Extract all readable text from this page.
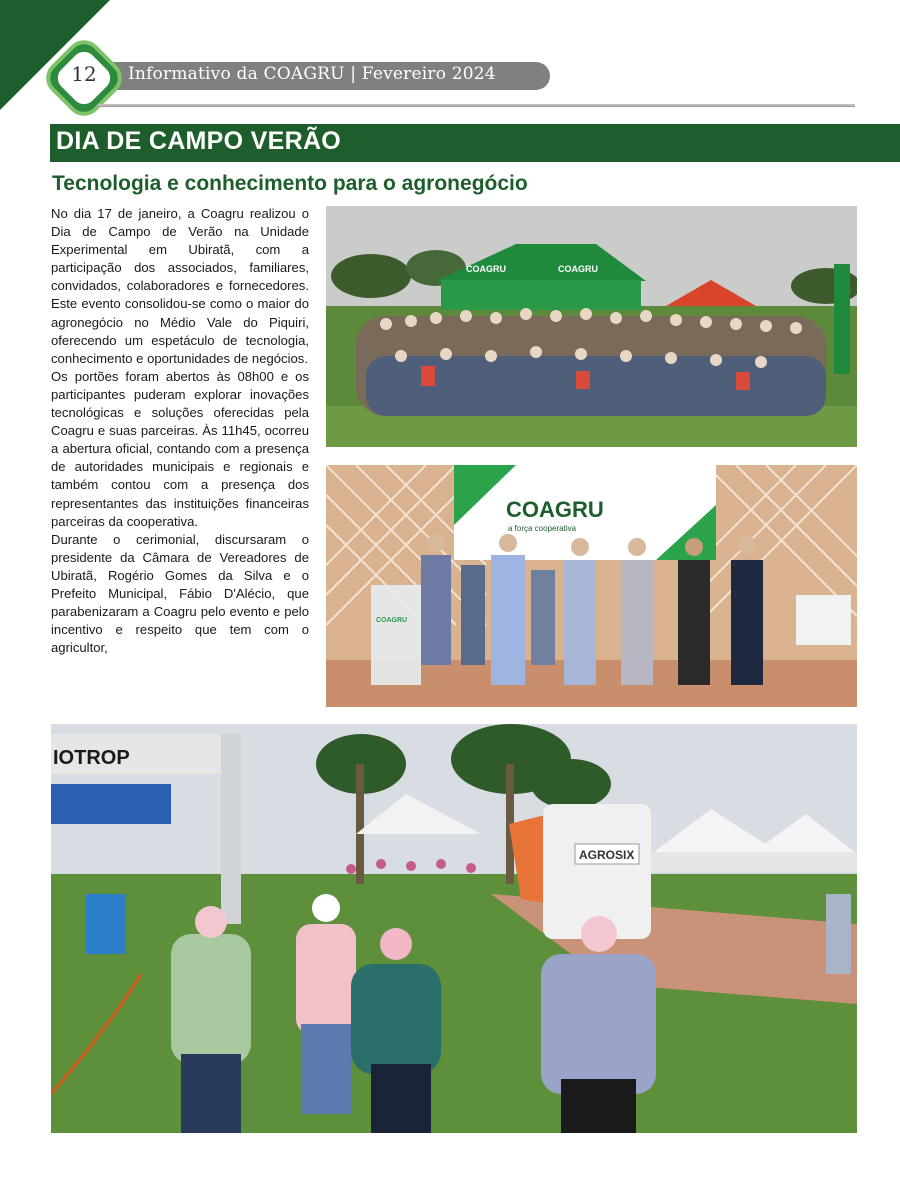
Informativo da COAGRU | Fevereiro 2024
12
DIA DE CAMPO VERÃO
Tecnologia e conhecimento para o agronegócio

No dia 17 de janeiro, a Coagru realizou o Dia de Campo de Verão na Unidade Experimental em Ubiratã, com a participação dos associados, familiares, convidados, colaboradores e fornecedores. Este evento consolidou-se como o maior do agronegócio no Médio Vale do Piquiri, oferecendo um espetáculo de tecnologia, conhecimento e oportunidades de negócios.

Os portões foram abertos às 08h00 e os participantes puderam explorar inovações tecnológicas e soluções oferecidas pela Coagru e suas parceiras. Às 11h45, ocorreu a abertura oficial, contando com a presença de autoridades municipais e regionais e também contou com a presença dos representantes das instituições financeiras parceiras da cooperativa.

Durante o cerimonial, discursaram o presidente da Câmara de Vereadores de Ubiratã, Rogério Gomes da Silva e o Prefeito Municipal, Fábio D'Alécio, que parabenizaram a Coagru pelo evento e pelo incentivo e respeito que tem com o agricultor,

COAGRU	COAGRU
COAGRU
a força cooperativa
COAGRU
IOTROP
AGROSIX
